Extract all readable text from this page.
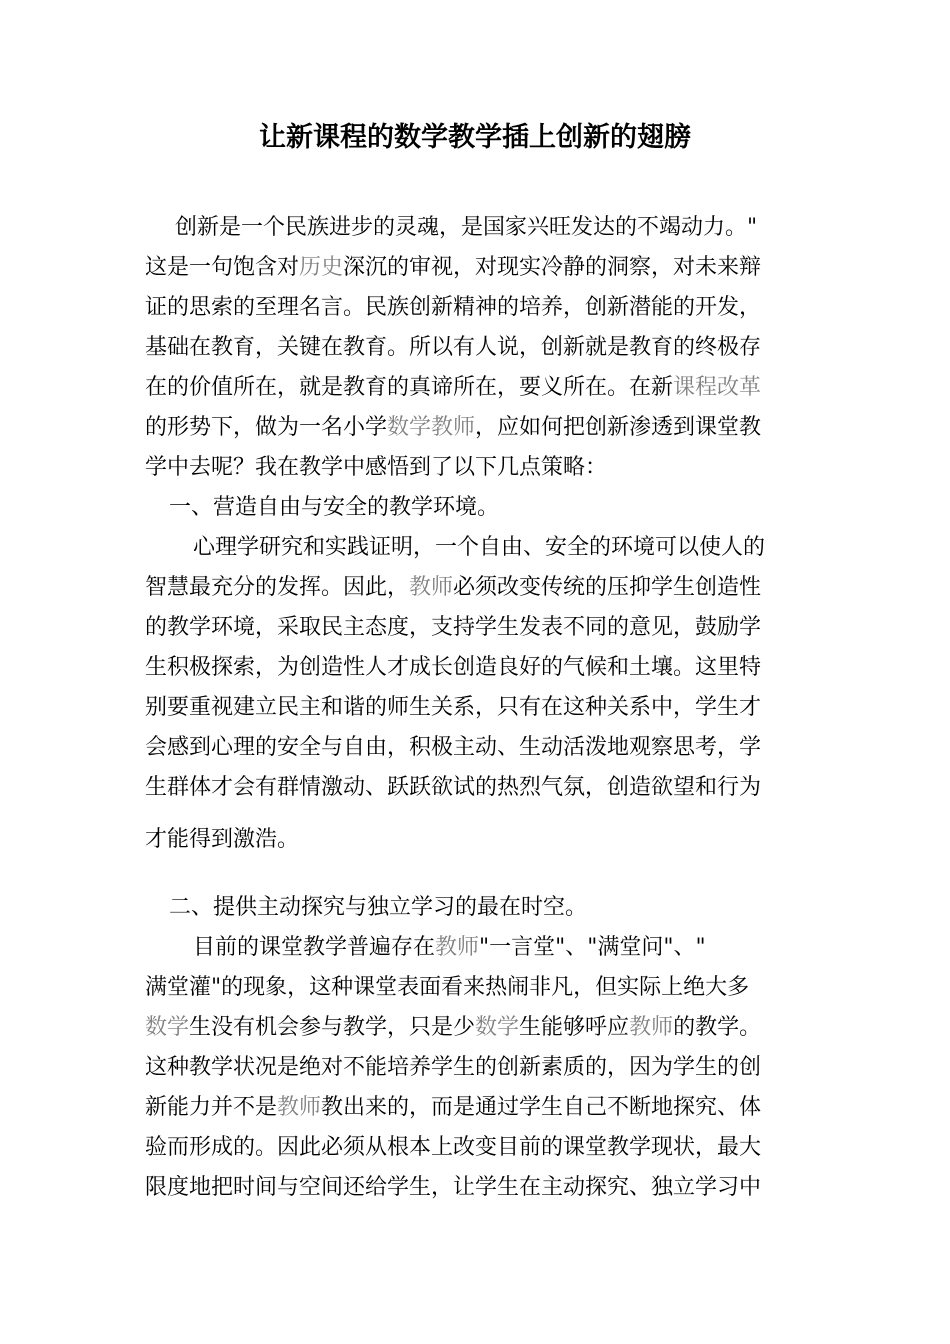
让新课程的数学教学插上创新的翅膀
创新是一个民族进步的灵魂，是国家兴旺发达的不竭动力。"
这是一句饱含对历史深沉的审视，对现实冷静的洞察，对未来辩
证的思索的至理名言。民族创新精神的培养，创新潜能的开发，
基础在教育，关键在教育。所以有人说，创新就是教育的终极存
在的价值所在，就是教育的真谛所在，要义所在。在新课程改革
的形势下，做为一名小学数学教师，应如何把创新渗透到课堂教
学中去呢？我在教学中感悟到了以下几点策略：
一、营造自由与安全的教学环境。
心理学研究和实践证明，一个自由、安全的环境可以使人的
智慧最充分的发挥。因此，教师必须改变传统的压抑学生创造性
的教学环境，采取民主态度，支持学生发表不同的意见，鼓励学
生积极探索，为创造性人才成长创造良好的气候和土壤。这里特
别要重视建立民主和谐的师生关系，只有在这种关系中，学生才
会感到心理的安全与自由，积极主动、生动活泼地观察思考，学
生群体才会有群情激动、跃跃欲试的热烈气氛，创造欲望和行为
才能得到激浩。
二、提供主动探究与独立学习的最在时空。
目前的课堂教学普遍存在教师"一言堂"、"满堂问"、"
满堂灌"的现象，这种课堂表面看来热闹非凡，但实际上绝大多
数学生没有机会参与教学，只是少数学生能够呼应教师的教学。
这种教学状况是绝对不能培养学生的创新素质的，因为学生的创
新能力并不是教师教出来的，而是通过学生自己不断地探究、体
验而形成的。因此必须从根本上改变目前的课堂教学现状，最大
限度地把时间与空间还给学生，让学生在主动探究、独立学习中
